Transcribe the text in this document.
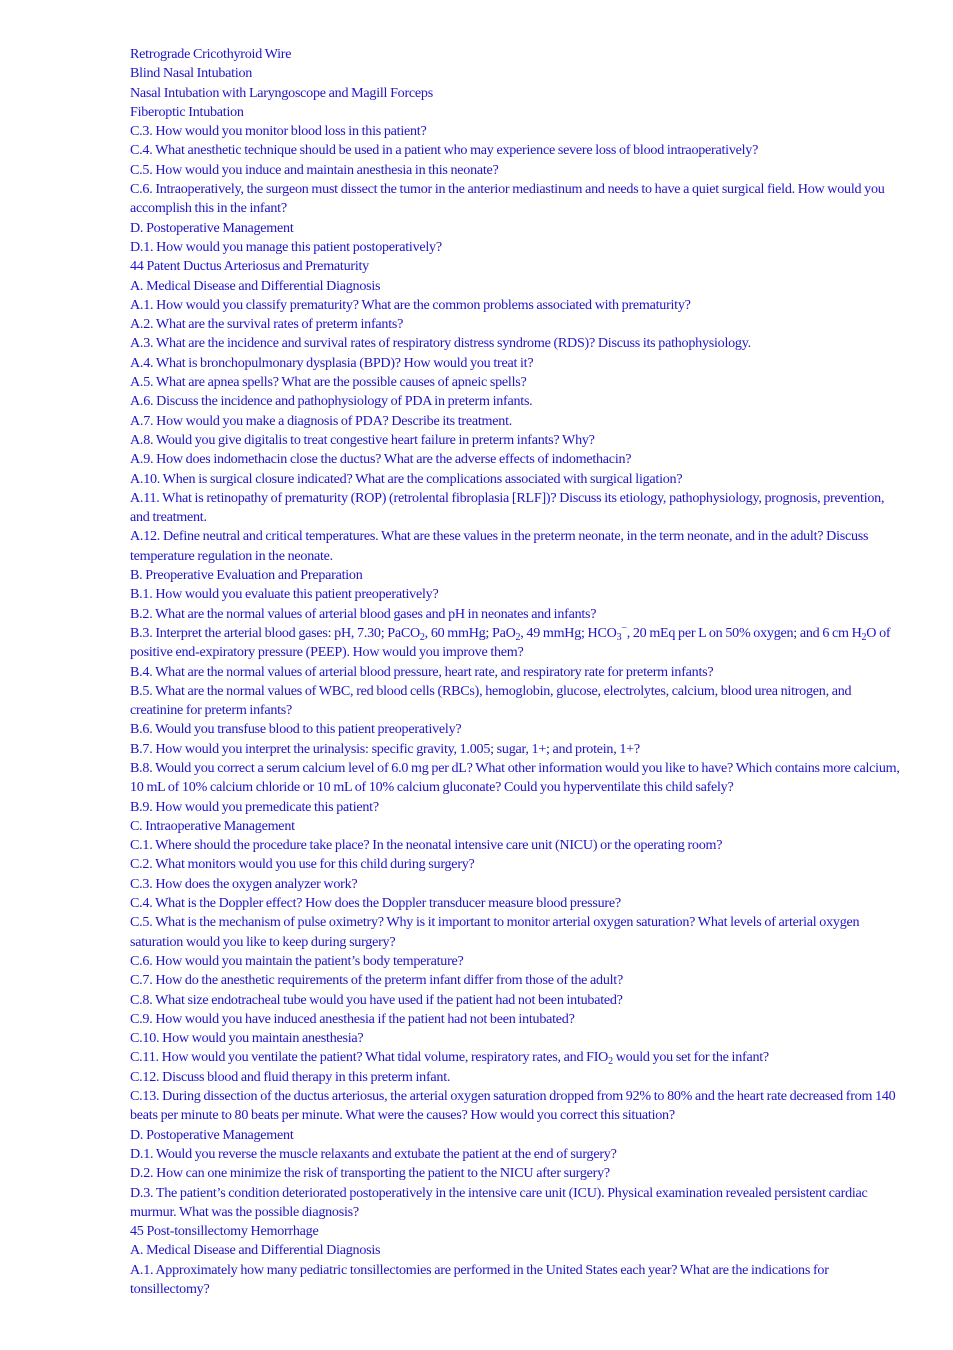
Retrograde Cricothyroid Wire

Blind Nasal Intubation

Nasal Intubation with Laryngoscope and Magill Forceps

Fiberoptic Intubation

C.3. How would you monitor blood loss in this patient?

C.4. What anesthetic technique should be used in a patient who may experience severe loss of blood intraoperatively?

C.5. How would you induce and maintain anesthesia in this neonate?

C.6. Intraoperatively, the surgeon must dissect the tumor in the anterior mediastinum and needs to have a quiet surgical field. How would you accomplish this in the infant?

D. Postoperative Management

D.1. How would you manage this patient postoperatively?

44 Patent Ductus Arteriosus and Prematurity

A. Medical Disease and Differential Diagnosis

A.1. How would you classify prematurity? What are the common problems associated with prematurity?

A.2. What are the survival rates of preterm infants?

A.3. What are the incidence and survival rates of respiratory distress syndrome (RDS)? Discuss its pathophysiology.

A.4. What is bronchopulmonary dysplasia (BPD)? How would you treat it?

A.5. What are apnea spells? What are the possible causes of apneic spells?

A.6. Discuss the incidence and pathophysiology of PDA in preterm infants.

A.7. How would you make a diagnosis of PDA? Describe its treatment.

A.8. Would you give digitalis to treat congestive heart failure in preterm infants? Why?

A.9. How does indomethacin close the ductus? What are the adverse effects of indomethacin?

A.10. When is surgical closure indicated? What are the complications associated with surgical ligation?

A.11. What is retinopathy of prematurity (ROP) (retrolental fibroplasia [RLF])? Discuss its etiology, pathophysiology, prognosis, prevention, and treatment.

A.12. Define neutral and critical temperatures. What are these values in the preterm neonate, in the term neonate, and in the adult? Discuss temperature regulation in the neonate.

B. Preoperative Evaluation and Preparation

B.1. How would you evaluate this patient preoperatively?

B.2. What are the normal values of arterial blood gases and pH in neonates and infants?

B.3. Interpret the arterial blood gases: pH, 7.30; PaCO$_2$, 60 mmHg; PaO$_2$, 49 mmHg; $HCO_3^-$, 20 mEq per L on 50% oxygen; and 6 cm $H_2O$ of positive end-expiratory pressure (PEEP). How would you improve them?

B.4. What are the normal values of arterial blood pressure, heart rate, and respiratory rate for preterm infants?

B.5. What are the normal values of WBC, red blood cells (RBCs), hemoglobin, glucose, electrolytes, calcium, blood urea nitrogen, and creatinine for preterm infants?

B.6. Would you transfuse blood to this patient preoperatively?

B.7. How would you interpret the urinalysis: specific gravity, 1.005; sugar, 1+; and protein, 1+?

B.8. Would you correct a serum calcium level of 6.0 mg per dL? What other information would you like to have? Which contains more calcium, 10 mL of 10% calcium chloride or 10 mL of 10% calcium gluconate? Could you hyperventilate this child safely?

B.9. How would you premedicate this patient?

C. Intraoperative Management

C.1. Where should the procedure take place? In the neonatal intensive care unit (NICU) or the operating room?

C.2. What monitors would you use for this child during surgery?

C.3. How does the oxygen analyzer work?

C.4. What is the Doppler effect? How does the Doppler transducer measure blood pressure?

C.5. What is the mechanism of pulse oximetry? Why is it important to monitor arterial oxygen saturation? What levels of arterial oxygen saturation would you like to keep during surgery?

C.6. How would you maintain the patient’s body temperature?

C.7. How do the anesthetic requirements of the preterm infant differ from those of the adult?

C.8. What size endotracheal tube would you have used if the patient had not been intubated?

C.9. How would you have induced anesthesia if the patient had not been intubated?

C.10. How would you maintain anesthesia?

C.11. How would you ventilate the patient? What tidal volume, respiratory rates, and $FIO_2$ would you set for the infant?

C.12. Discuss blood and fluid therapy in this preterm infant.

C.13. During dissection of the ductus arteriosus, the arterial oxygen saturation dropped from 92% to 80% and the heart rate decreased from 140 beats per minute to 80 beats per minute. What were the causes? How would you correct this situation?

D. Postoperative Management

D.1. Would you reverse the muscle relaxants and extubate the patient at the end of surgery?

D.2. How can one minimize the risk of transporting the patient to the NICU after surgery?

D.3. The patient’s condition deteriorated postoperatively in the intensive care unit (ICU). Physical examination revealed persistent cardiac murmur. What was the possible diagnosis?

45 Post-tonsillectomy Hemorrhage

A. Medical Disease and Differential Diagnosis

A.1. Approximately how many pediatric tonsillectomies are performed in the United States each year? What are the indications for tonsillectomy?
